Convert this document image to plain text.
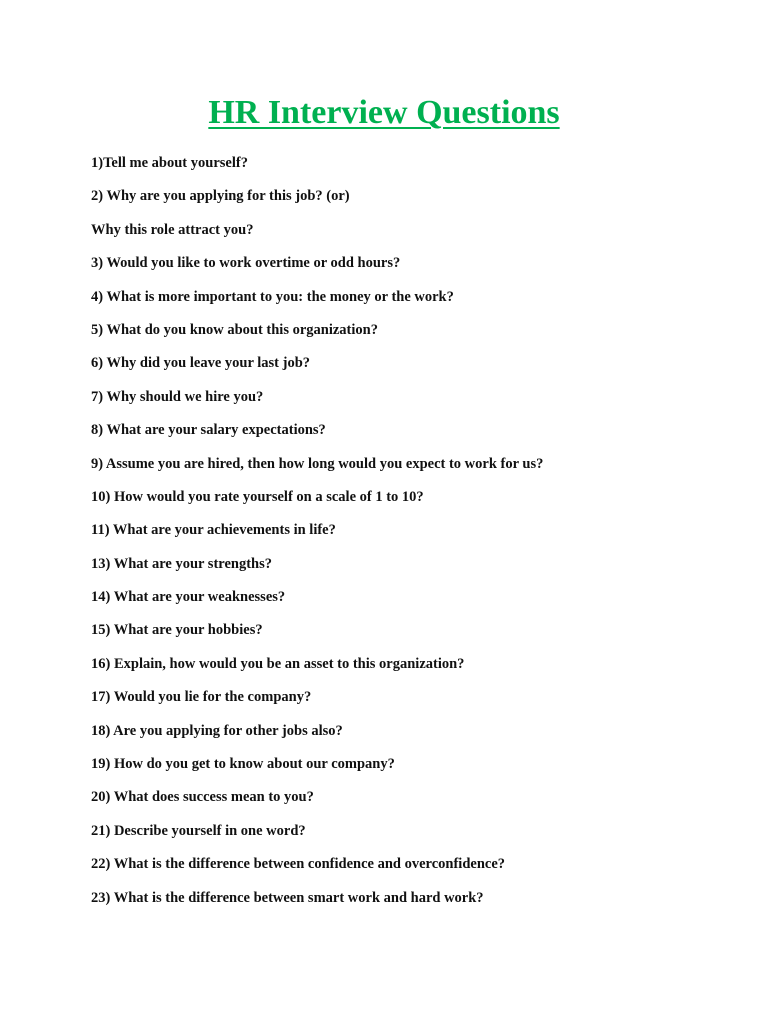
HR Interview Questions
1)Tell me about yourself?
2) Why are you applying for this job? (or)
Why this role attract you?
3) Would you like to work overtime or odd hours?
4) What is more important to you: the money or the work?
5) What do you know about this organization?
6) Why did you leave your last job?
7) Why should we hire you?
8) What are your salary expectations?
9) Assume you are hired, then how long would you expect to work for us?
10) How would you rate yourself on a scale of 1 to 10?
11) What are your achievements in life?
13) What are your strengths?
14) What are your weaknesses?
15) What are your hobbies?
16) Explain, how would you be an asset to this organization?
17) Would you lie for the company?
18) Are you applying for other jobs also?
19) How do you get to know about our company?
20) What does success mean to you?
21) Describe yourself in one word?
22) What is the difference between confidence and overconfidence?
23) What is the difference between smart work and hard work?
